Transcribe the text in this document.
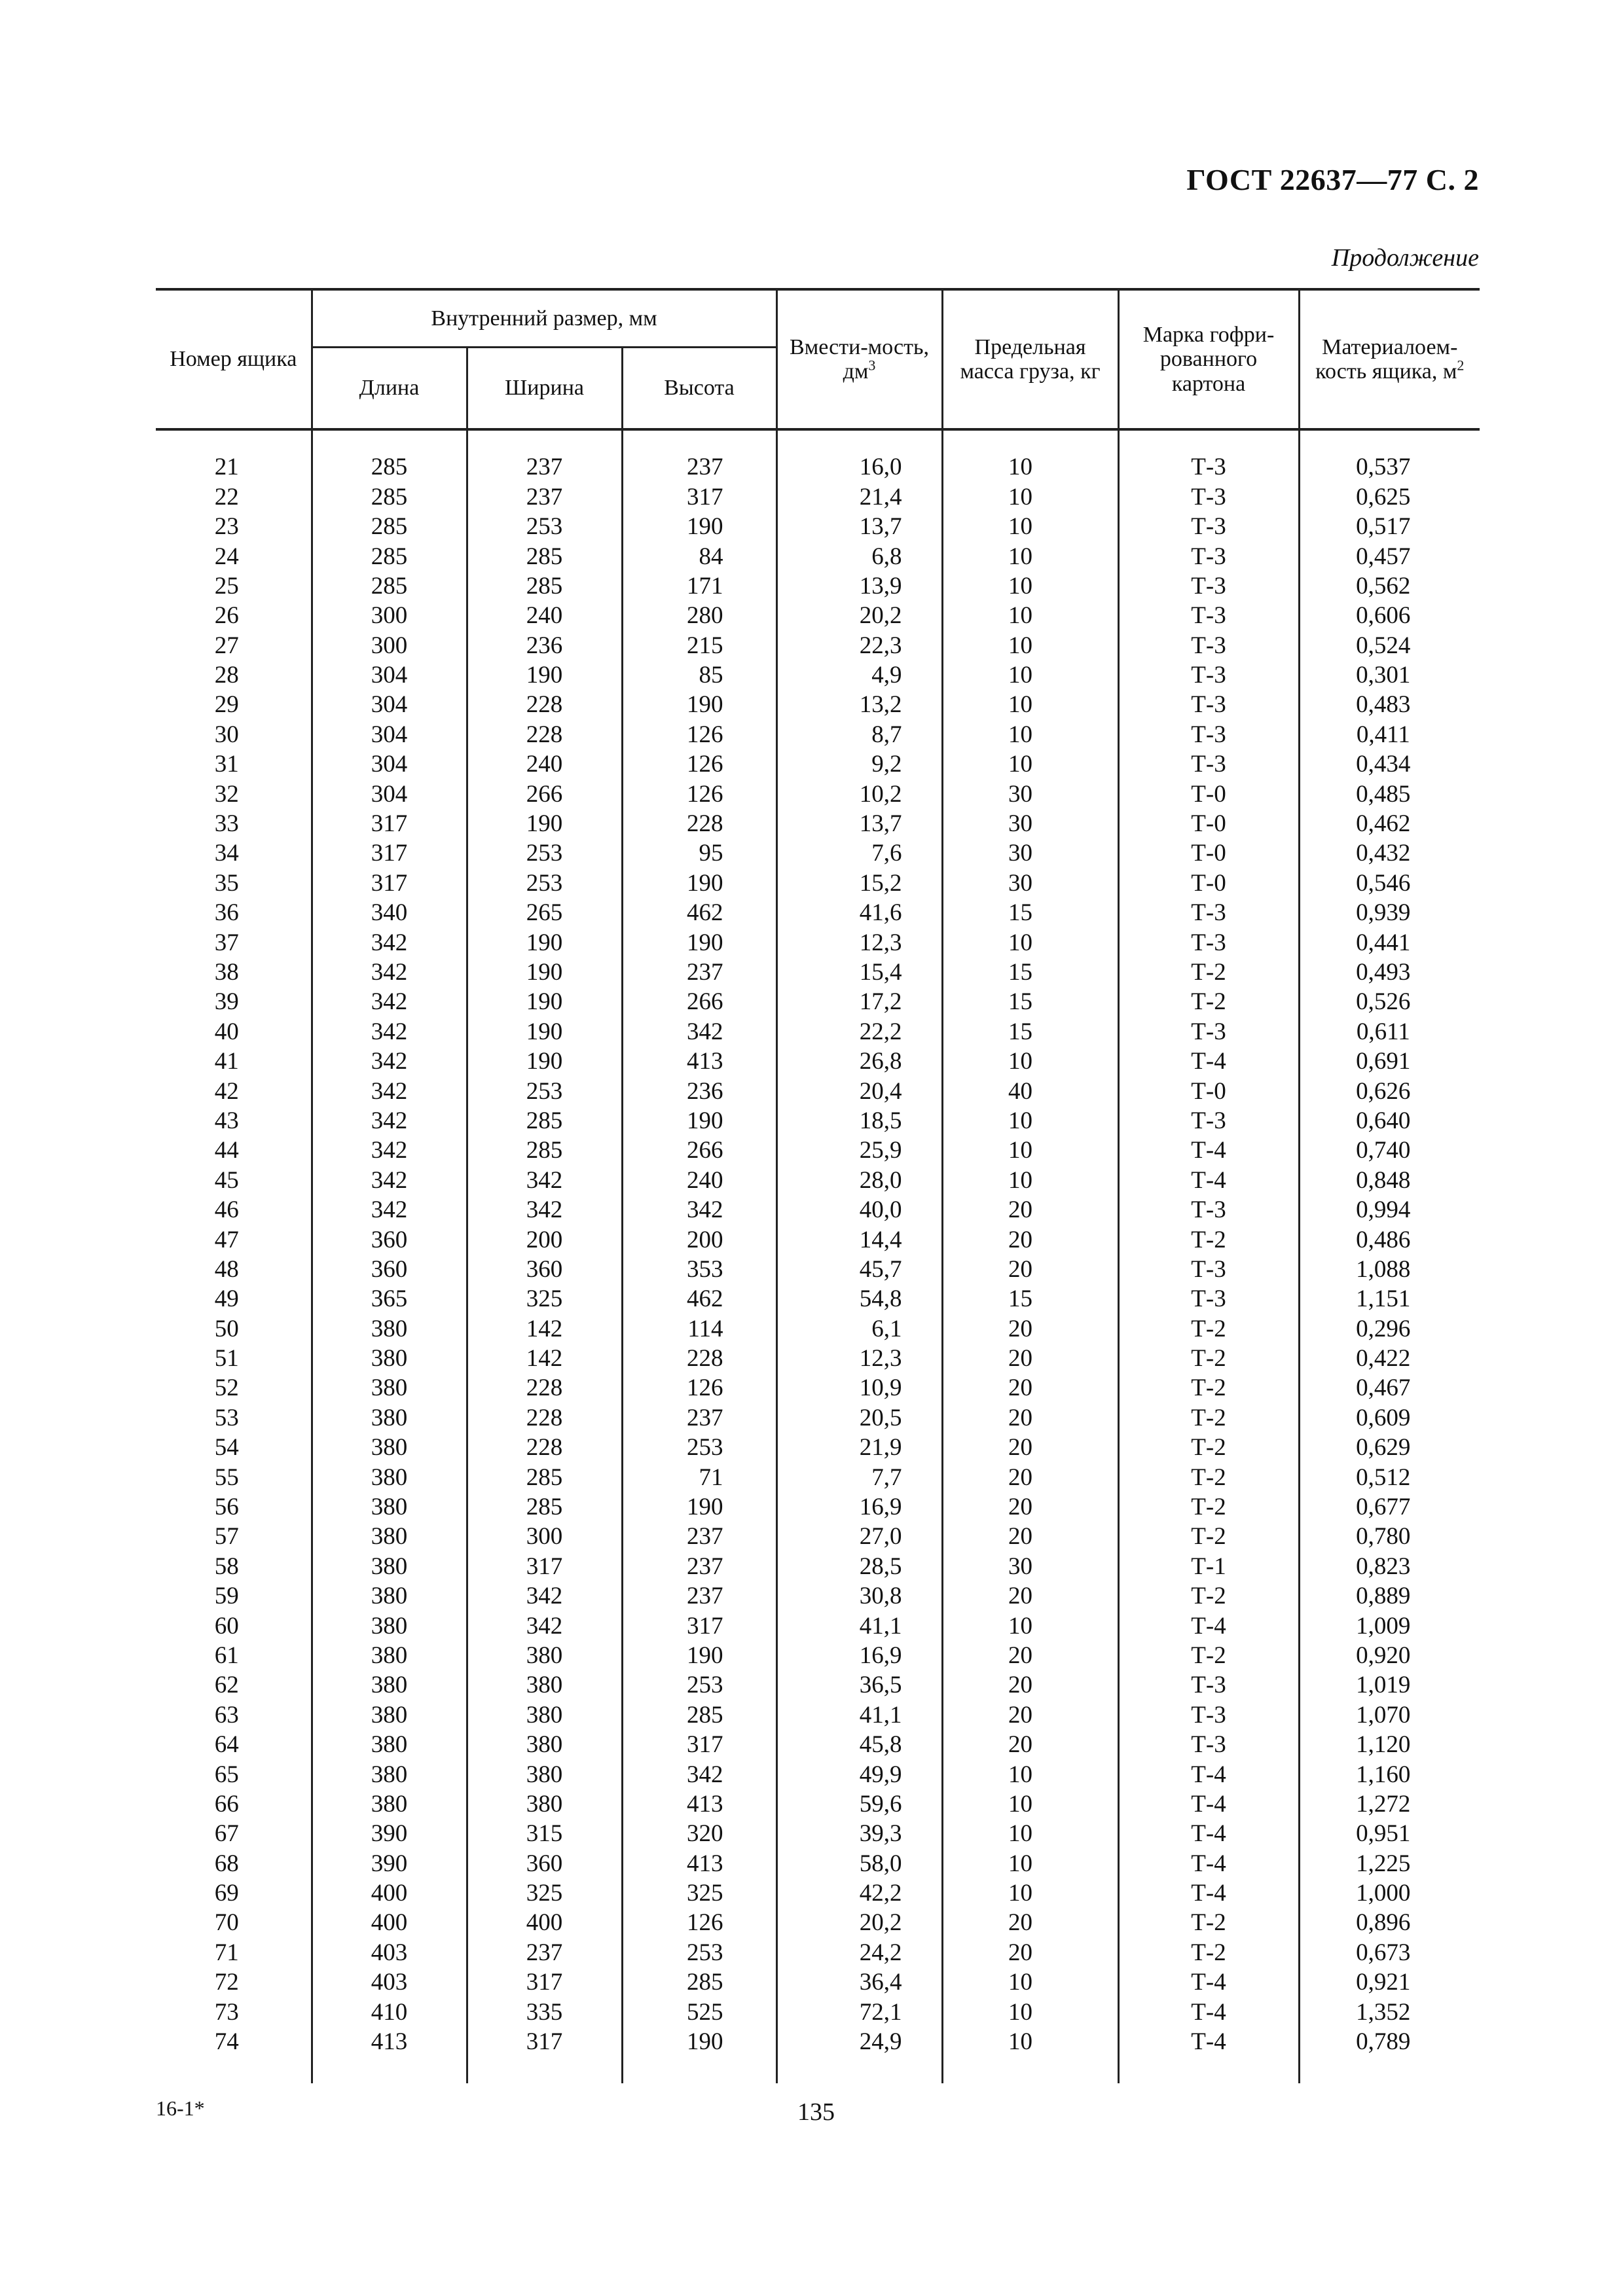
ГОСТ 22637—77 С. 2
Продолжение
Номер ящика	Внутренний размер, мм			Вмести-мость, $дм^3$	Предельная масса груза, кг	Марка гофри-рованного картона	Материалоем-кость ящика, $м^2$
	Длина	Ширина	Высота				

21	285	237	237	16,0	10	Т-3	0,537
22	285	237	317	21,4	10	Т-3	0,625
23	285	253	190	13,7	10	Т-3	0,517
24	285	285	84	6,8	10	Т-3	0,457
25	285	285	171	13,9	10	Т-3	0,562
26	300	240	280	20,2	10	Т-3	0,606
27	300	236	215	22,3	10	Т-3	0,524
28	304	190	85	4,9	10	Т-3	0,301
29	304	228	190	13,2	10	Т-3	0,483
30	304	228	126	8,7	10	Т-3	0,411
31	304	240	126	9,2	10	Т-3	0,434
32	304	266	126	10,2	30	Т-0	0,485
33	317	190	228	13,7	30	Т-0	0,462
34	317	253	95	7,6	30	Т-0	0,432
35	317	253	190	15,2	30	Т-0	0,546
36	340	265	462	41,6	15	Т-3	0,939
37	342	190	190	12,3	10	Т-3	0,441
38	342	190	237	15,4	15	Т-2	0,493
39	342	190	266	17,2	15	Т-2	0,526
40	342	190	342	22,2	15	Т-3	0,611
41	342	190	413	26,8	10	Т-4	0,691
42	342	253	236	20,4	40	Т-0	0,626
43	342	285	190	18,5	10	Т-3	0,640
44	342	285	266	25,9	10	Т-4	0,740
45	342	342	240	28,0	10	Т-4	0,848
46	342	342	342	40,0	20	Т-3	0,994
47	360	200	200	14,4	20	Т-2	0,486
48	360	360	353	45,7	20	Т-3	1,088
49	365	325	462	54,8	15	Т-3	1,151
50	380	142	114	6,1	20	Т-2	0,296
51	380	142	228	12,3	20	Т-2	0,422
52	380	228	126	10,9	20	Т-2	0,467
53	380	228	237	20,5	20	Т-2	0,609
54	380	228	253	21,9	20	Т-2	0,629
55	380	285	71	7,7	20	Т-2	0,512
56	380	285	190	16,9	20	Т-2	0,677
57	380	300	237	27,0	20	Т-2	0,780
58	380	317	237	28,5	30	Т-1	0,823
59	380	342	237	30,8	20	Т-2	0,889
60	380	342	317	41,1	10	Т-4	1,009
61	380	380	190	16,9	20	Т-2	0,920
62	380	380	253	36,5	20	Т-3	1,019
63	380	380	285	41,1	20	Т-3	1,070
64	380	380	317	45,8	20	Т-3	1,120
65	380	380	342	49,9	10	Т-4	1,160
66	380	380	413	59,6	10	Т-4	1,272
67	390	315	320	39,3	10	Т-4	0,951
68	390	360	413	58,0	10	Т-4	1,225
69	400	325	325	42,2	10	Т-4	1,000
70	400	400	126	20,2	20	Т-2	0,896
71	403	237	253	24,2	20	Т-2	0,673
72	403	317	285	36,4	10	Т-4	0,921
73	410	335	525	72,1	10	Т-4	1,352
74	413	317	190	24,9	10	Т-4	0,789

16-1*	135
